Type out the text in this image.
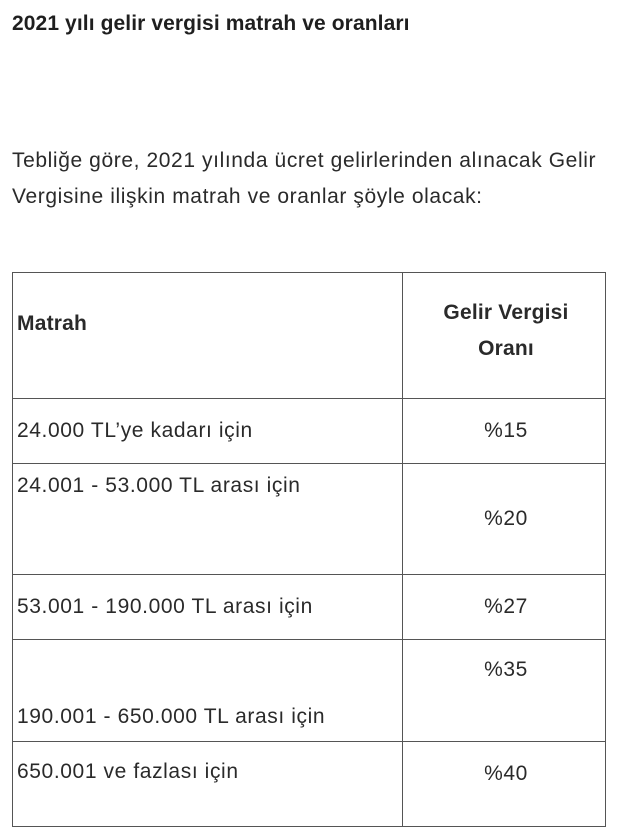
2021 yılı gelir vergisi matrah ve oranları
Tebliğe göre, 2021 yılında ücret gelirlerinden alınacak Gelir Vergisine ilişkin matrah ve oranlar şöyle olacak:
Matrah	Gelir Vergisi
Oranı
24.000 TL’ye kadarı için	%15
24.001 - 53.000 TL arası için	%20
53.001 - 190.000 TL arası için	%27
190.001 - 650.000 TL arası için	%35
650.001 ve fazlası için	%40
